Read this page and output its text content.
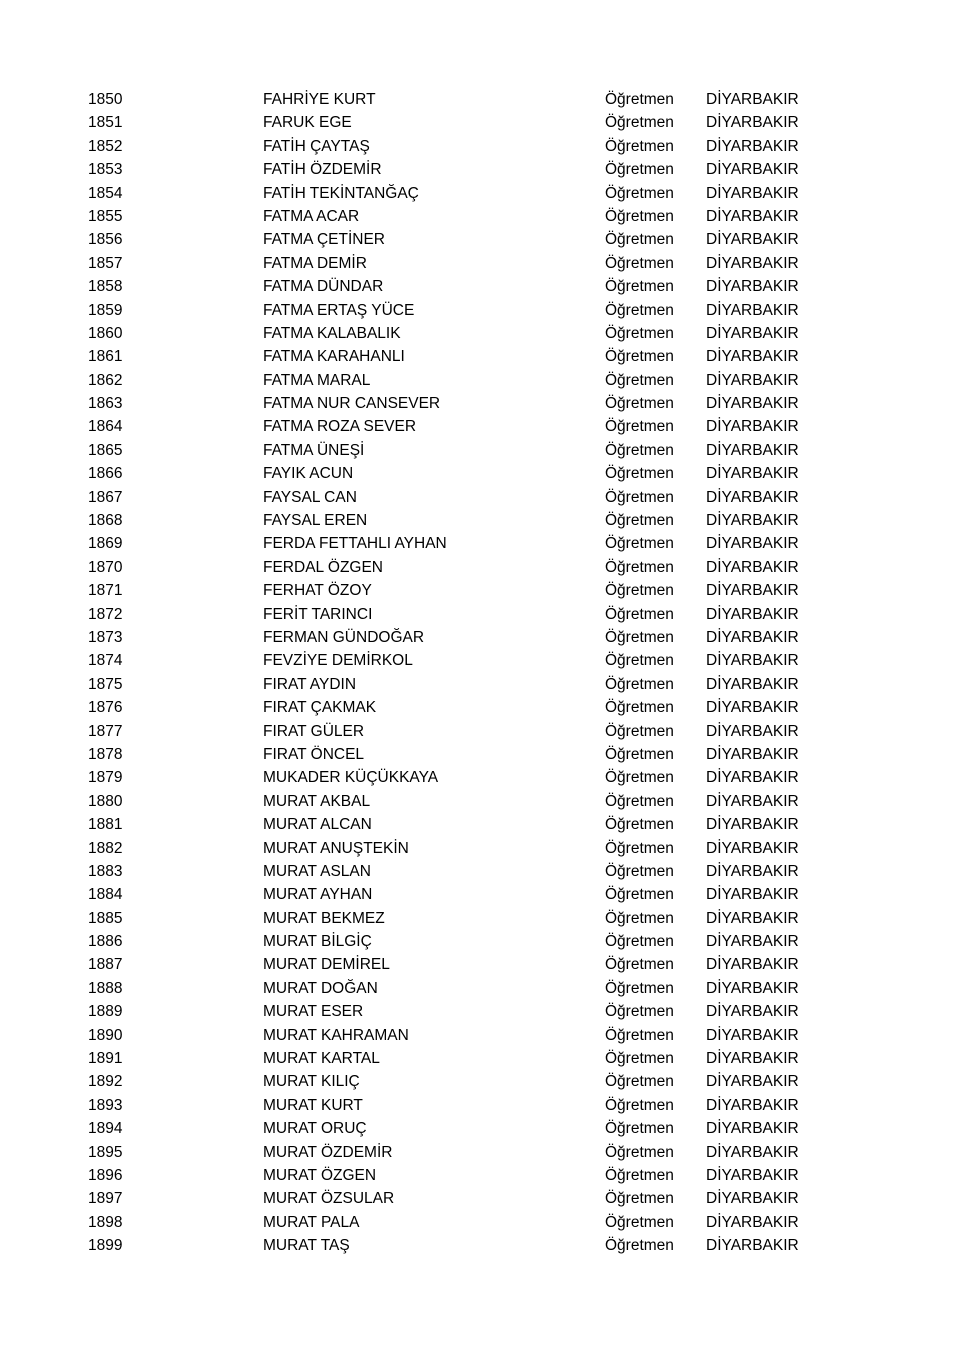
1850	FAHRİYE KURT	Öğretmen DİYARBAKIR
1851	FARUK EGE	Öğretmen DİYARBAKIR
1852	FATİH ÇAYTAŞ	Öğretmen DİYARBAKIR
1853	FATİH ÖZDEMİR	Öğretmen DİYARBAKIR
1854	FATİH TEKİNTANĞAÇ	Öğretmen DİYARBAKIR
1855	FATMA ACAR	Öğretmen DİYARBAKIR
1856	FATMA ÇETİNER	Öğretmen DİYARBAKIR
1857	FATMA DEMİR	Öğretmen DİYARBAKIR
1858	FATMA DÜNDAR	Öğretmen DİYARBAKIR
1859	FATMA ERTAŞ YÜCE	Öğretmen DİYARBAKIR
1860	FATMA KALABALIK	Öğretmen DİYARBAKIR
1861	FATMA KARAHANLI	Öğretmen DİYARBAKIR
1862	FATMA MARAL	Öğretmen DİYARBAKIR
1863	FATMA NUR CANSEVER	Öğretmen DİYARBAKIR
1864	FATMA ROZA SEVER	Öğretmen DİYARBAKIR
1865	FATMA ÜNEŞİ	Öğretmen DİYARBAKIR
1866	FAYIK ACUN	Öğretmen DİYARBAKIR
1867	FAYSAL CAN	Öğretmen DİYARBAKIR
1868	FAYSAL EREN	Öğretmen DİYARBAKIR
1869	FERDA FETTAHLI AYHAN	Öğretmen DİYARBAKIR
1870	FERDAL ÖZGEN	Öğretmen DİYARBAKIR
1871	FERHAT ÖZOY	Öğretmen DİYARBAKIR
1872	FERİT TARINCI	Öğretmen DİYARBAKIR
1873	FERMAN GÜNDOĞAR	Öğretmen DİYARBAKIR
1874	FEVZİYE DEMİRKOL	Öğretmen DİYARBAKIR
1875	FIRAT AYDIN	Öğretmen DİYARBAKIR
1876	FIRAT ÇAKMAK	Öğretmen DİYARBAKIR
1877	FIRAT GÜLER	Öğretmen DİYARBAKIR
1878	FIRAT ÖNCEL	Öğretmen DİYARBAKIR
1879	MUKADER KÜÇÜKKAYA	Öğretmen DİYARBAKIR
1880	MURAT AKBAL	Öğretmen DİYARBAKIR
1881	MURAT ALCAN	Öğretmen DİYARBAKIR
1882	MURAT ANUŞTEKİN	Öğretmen DİYARBAKIR
1883	MURAT ASLAN	Öğretmen DİYARBAKIR
1884	MURAT AYHAN	Öğretmen DİYARBAKIR
1885	MURAT BEKMEZ	Öğretmen DİYARBAKIR
1886	MURAT BİLGİÇ	Öğretmen DİYARBAKIR
1887	MURAT DEMİREL	Öğretmen DİYARBAKIR
1888	MURAT DOĞAN	Öğretmen DİYARBAKIR
1889	MURAT ESER	Öğretmen DİYARBAKIR
1890	MURAT KAHRAMAN	Öğretmen DİYARBAKIR
1891	MURAT KARTAL	Öğretmen DİYARBAKIR
1892	MURAT KILIÇ	Öğretmen DİYARBAKIR
1893	MURAT KURT	Öğretmen DİYARBAKIR
1894	MURAT ORUÇ	Öğretmen DİYARBAKIR
1895	MURAT ÖZDEMİR	Öğretmen DİYARBAKIR
1896	MURAT ÖZGEN	Öğretmen DİYARBAKIR
1897	MURAT ÖZSULAR	Öğretmen DİYARBAKIR
1898	MURAT PALA	Öğretmen DİYARBAKIR
1899	MURAT TAŞ	Öğretmen DİYARBAKIR
